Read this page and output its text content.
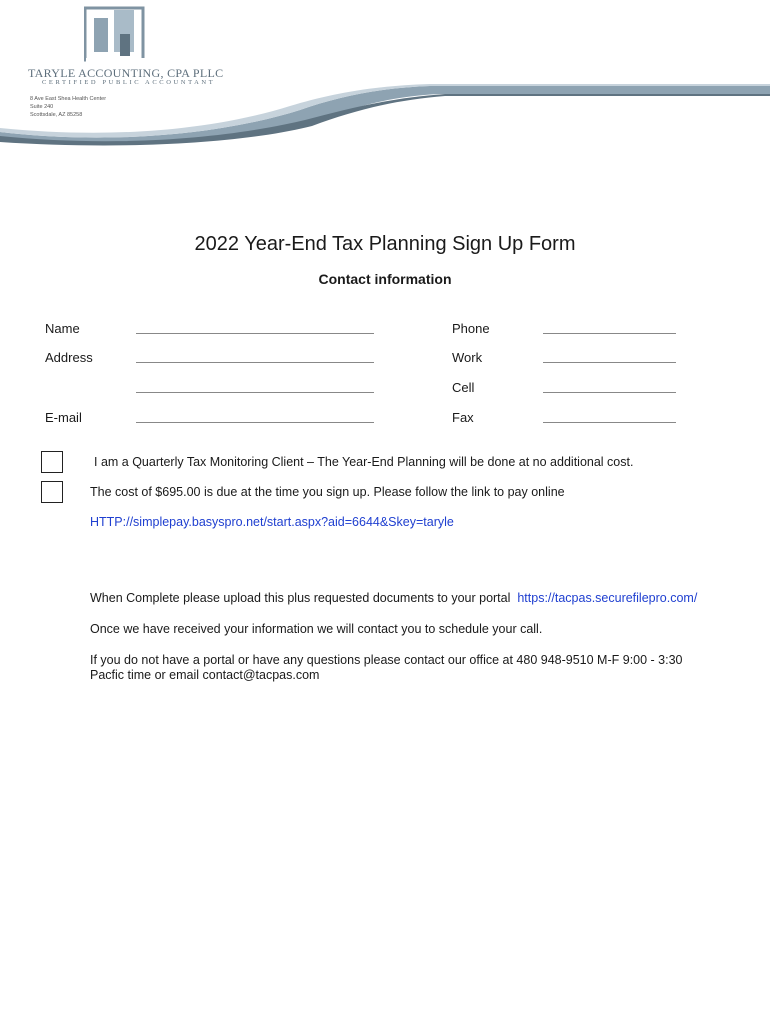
TARYLE ACCOUNTING, CPA PLLC
CERTIFIED PUBLIC ACCOUNTANT
8 Ave East Shea Health Center
Suite 240
Scottsdale, AZ 85258
2022 Year-End Tax Planning Sign Up Form
Contact information
Name
Address
E-mail
Phone
Work
Cell
Fax
I am a Quarterly Tax Monitoring Client – The Year-End Planning will be done at no additional cost.
The cost of $695.00 is due at the time you sign up. Please follow the link to pay online
HTTP://simplepay.basyspro.net/start.aspx?aid=6644&Skey=taryle
When Complete please upload this plus requested documents to your portal https://tacpas.securefilepro.com/
Once we have received your information we will contact you to schedule your call.
If you do not have a portal or have any questions please contact our office at 480 948-9510 M-F 9:00 - 3:30
Pacfic time or email contact@tacpas.com
